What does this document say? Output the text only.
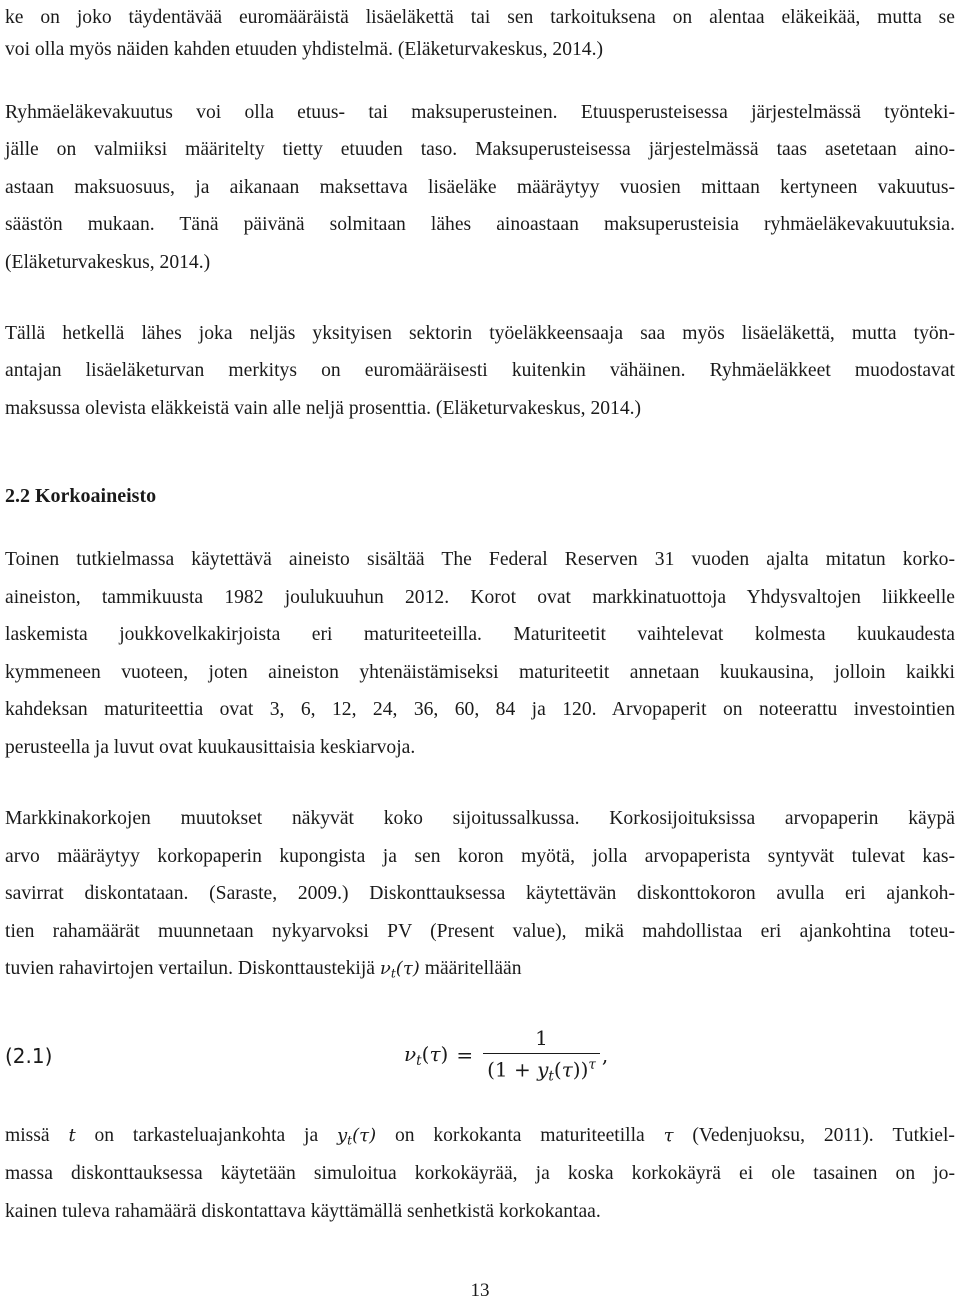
ke on joko täydentävää euromääräistä lisäeläkettä tai sen tarkoituksena on alentaa eläkeikää, mutta se
voi olla myös näiden kahden etuuden yhdistelmä. (Eläketurvakeskus, 2014.)
Ryhmäeläkevakuutus voi olla etuus- tai maksuperusteinen. Etuusperusteisessa järjestelmässä työnteki-
jälle on valmiiksi määritelty tietty etuuden taso. Maksuperusteisessa järjestelmässä taas asetetaan aino-
astaan maksuosuus, ja aikanaan maksettava lisäeläke määräytyy vuosien mittaan kertyneen vakuutus-
säästön mukaan. Tänä päivänä solmitaan lähes ainoastaan maksuperusteisia ryhmäeläkevakuutuksia.
(Eläketurvakeskus, 2014.)
Tällä hetkellä lähes joka neljäs yksityisen sektorin työeläkkeensaaja saa myös lisäeläkettä, mutta työn-
antajan lisäeläketurvan merkitys on euromääräisesti kuitenkin vähäinen. Ryhmäeläkkeet muodostavat
maksussa olevista eläkkeistä vain alle neljä prosenttia. (Eläketurvakeskus, 2014.)
2.2 Korkoaineisto
Toinen tutkielmassa käytettävä aineisto sisältää The Federal Reserven 31 vuoden ajalta mitatun korko-
aineiston, tammikuusta 1982 joulukuuhun 2012. Korot ovat markkinatuottoja Yhdysvaltojen liikkeelle
laskemista joukkovelkakirjoista eri maturiteeteilla. Maturiteetit vaihtelevat kolmesta kuukaudesta
kymmeneen vuoteen, joten aineiston yhtenäistämiseksi maturiteetit annetaan kuukausina, jolloin kaikki
kahdeksan maturiteettia ovat 3, 6, 12, 24, 36, 60, 84 ja 120. Arvopaperit on noteerattu investointien
perusteella ja luvut ovat kuukausittaisia keskiarvoja.
Markkinakorkojen muutokset näkyvät koko sijoitussalkussa. Korkosijoituksissa arvopaperin käypä
arvo määräytyy korkopaperin kupongista ja sen koron myötä, jolla arvopaperista syntyvät tulevat kas-
savirrat diskontataan. (Saraste, 2009.) Diskonttauksessa käytettävän diskonttokoron avulla eri ajankoh-
tien rahamäärät muunnetaan nykyarvoksi PV (Present value), mikä mahdollistaa eri ajankohtina toteu-
tuvien rahavirtojen vertailun. Diskonttaustekijä $\nu_t(\tau)$ määritellään
(2.1)	$\nu_t(\tau) = \frac{1}{(1 + y_t(\tau))^\tau}$ ,
missä t on tarkasteluajankohta ja $y_t(\tau)$ on korkokanta maturiteetilla τ (Vedenjuoksu, 2011). Tutkiel-
massa diskonttauksessa käytetään simuloitua korkokäyrää, ja koska korkokäyrä ei ole tasainen on jo-
kainen tuleva rahamäärä diskontattava käyttämällä senhetkistä korkokantaa.
13
